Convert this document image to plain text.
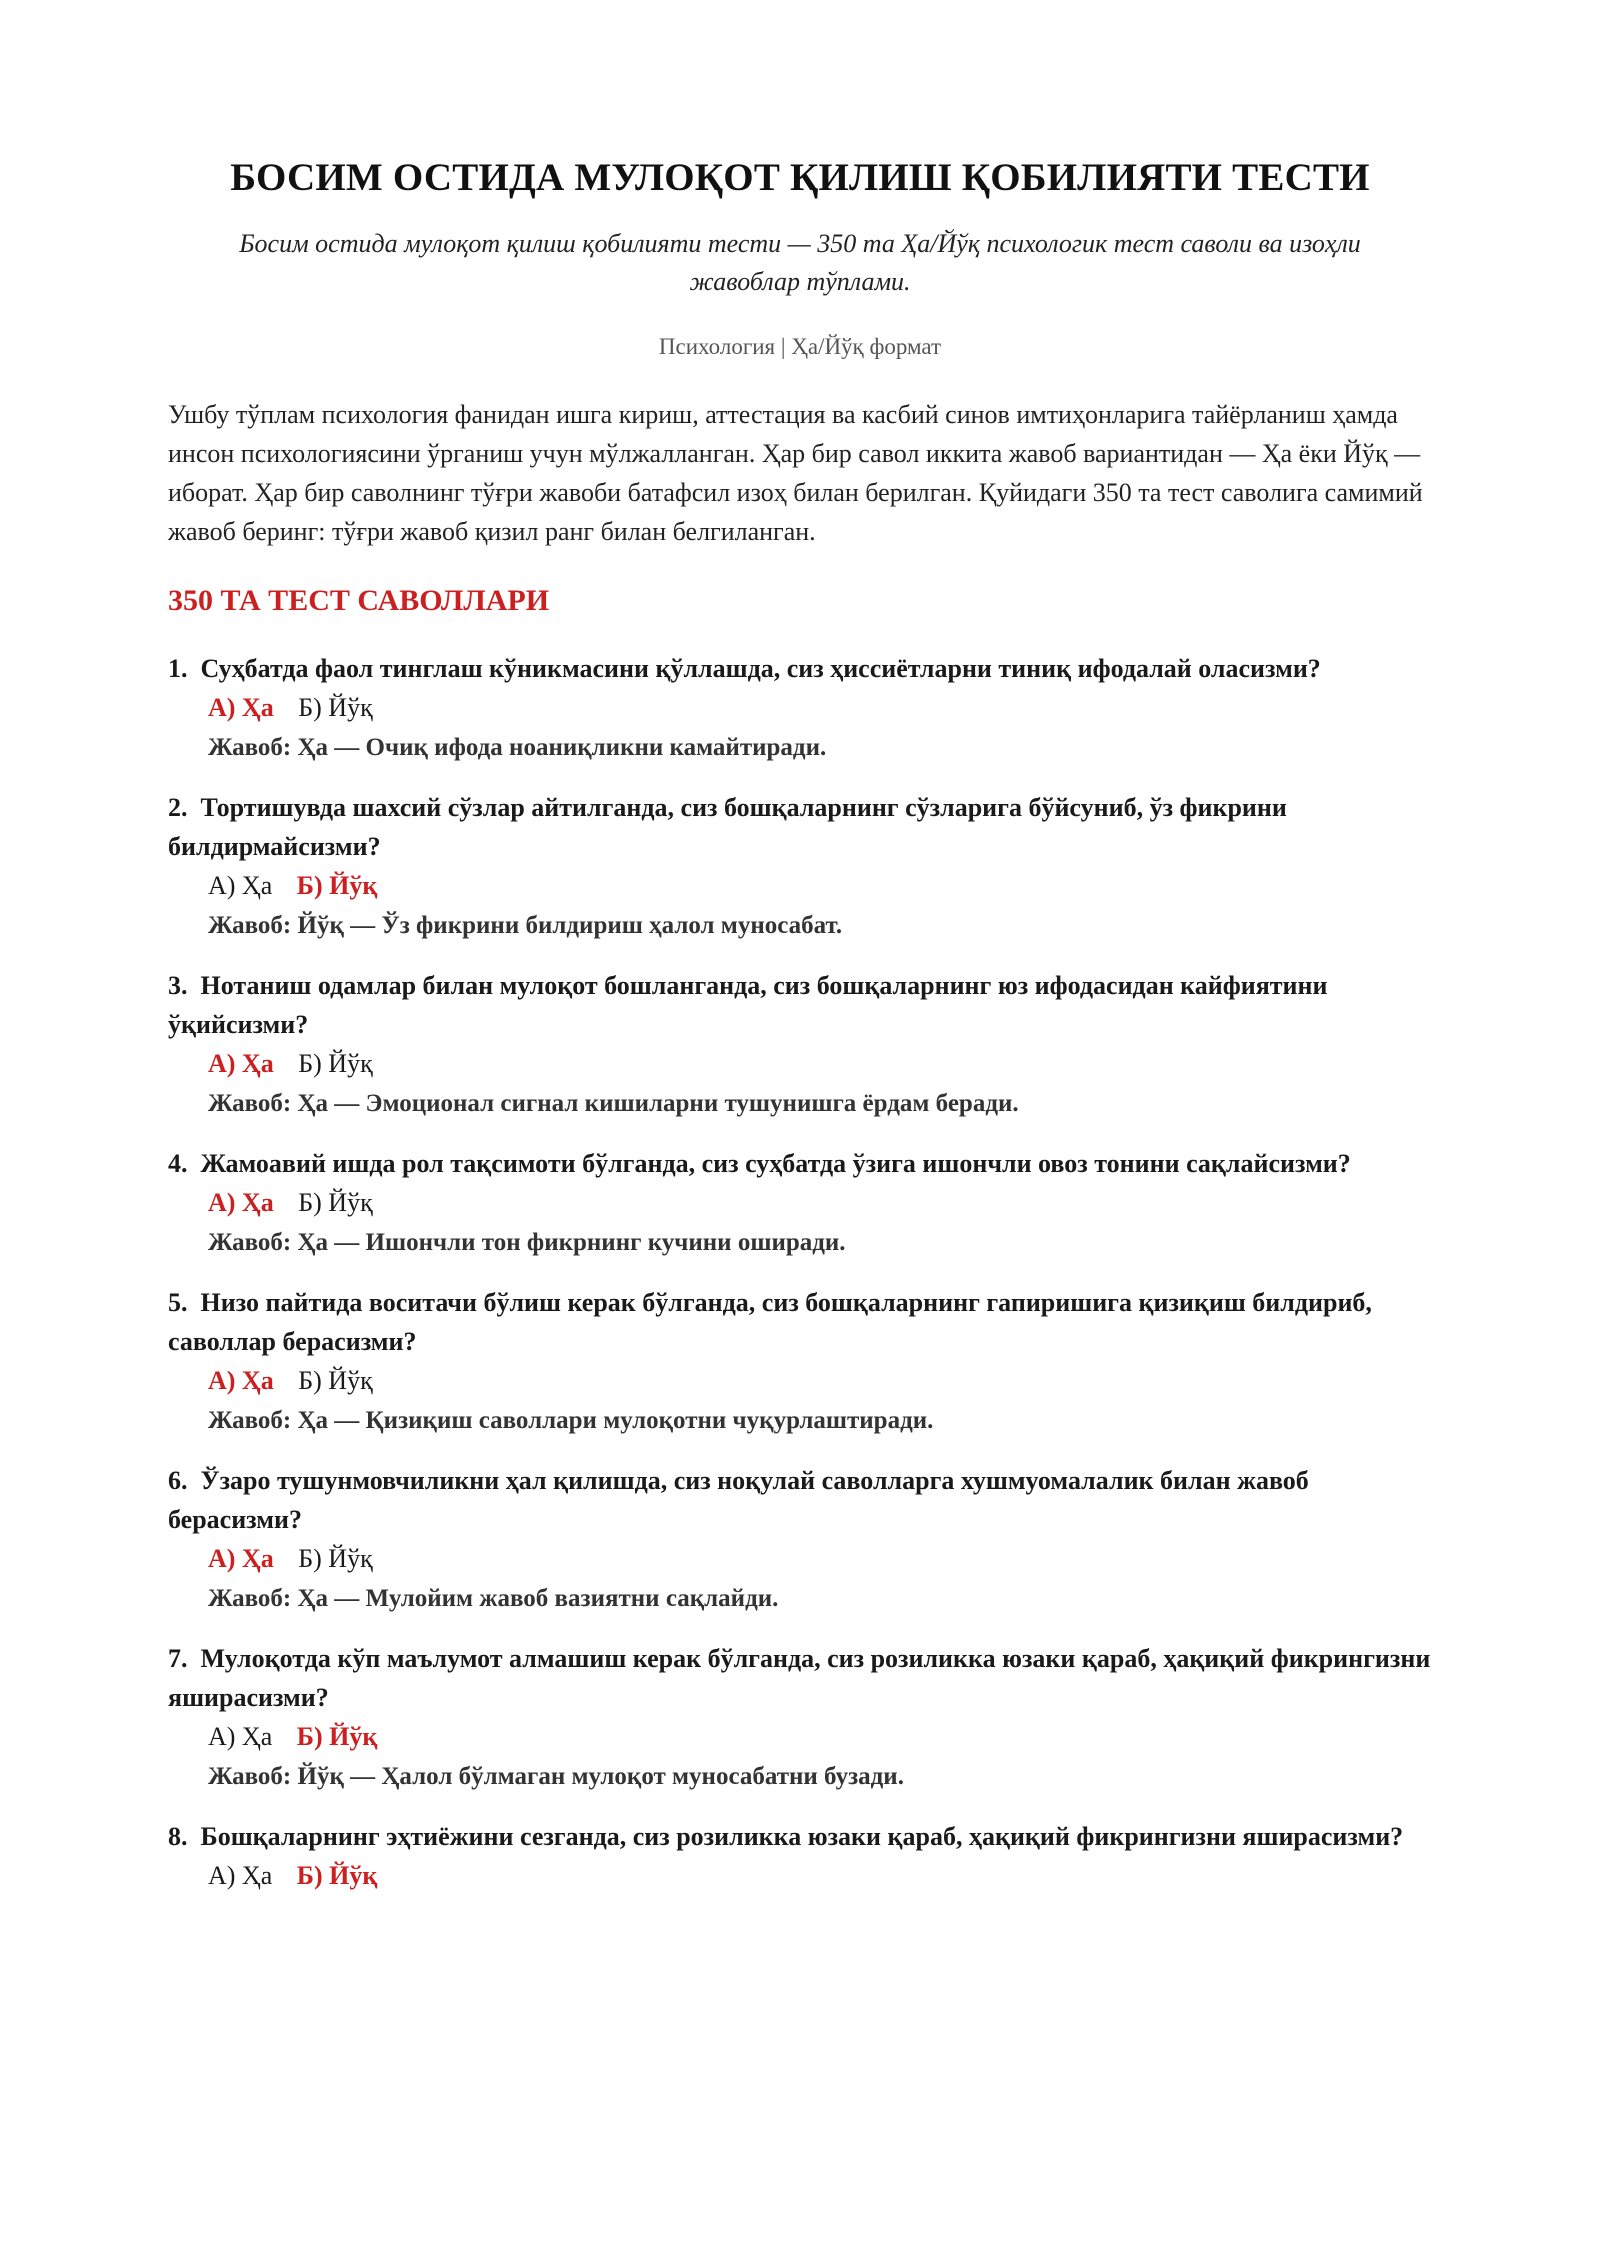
БОСИМ ОСТИДА МУЛОҚОТ ҚИЛИШ ҚОБИЛИЯТИ ТЕСТИ
Босим остида мулоқот қилиш қобилияти тести — 350 та Ҳа/Йўқ психологик тест саволи ва изоҳли жавоблар тўплами.
Психология | Ҳа/Йўқ формат
Ушбу тўплам психология фанидан ишга кириш, аттестация ва касбий синов имтиҳонларига тайёрланиш ҳамда инсон психологиясини ўрганиш учун мўлжалланган. Ҳар бир савол иккита жавоб вариантидан — Ҳа ёки Йўқ — иборат. Ҳар бир саволнинг тўғри жавоби батафсил изоҳ билан берилган. Қуйидаги 350 та тест саволига самимий жавоб беринг: тўғри жавоб қизил ранг билан белгиланган.
350 ТА ТЕСТ САВОЛЛАРИ
1. Суҳбатда фаол тинглаш кўникмасини қўллашда, сиз ҳиссиётларни тиниқ ифодалай оласизми?
А) Ҳа Б) Йўқ
Жавоб: Ҳа — Очиқ ифода ноаниқликни камайтиради.
2. Тортишувда шахсий сўзлар айтилганда, сиз бошқаларнинг сўзларига бўйсуниб, ўз фикрини билдирмайсизми?
А) Ҳа Б) Йўқ
Жавоб: Йўқ — Ўз фикрини билдириш ҳалол муносабат.
3. Нотаниш одамлар билан мулоқот бошланганда, сиз бошқаларнинг юз ифодасидан кайфиятини ўқийсизми?
А) Ҳа Б) Йўқ
Жавоб: Ҳа — Эмоционал сигнал кишиларни тушунишга ёрдам беради.
4. Жамоавий ишда рол тақсимоти бўлганда, сиз суҳбатда ўзига ишончли овоз тонини сақлайсизми?
А) Ҳа Б) Йўқ
Жавоб: Ҳа — Ишончли тон фикрнинг кучини оширади.
5. Низо пайтида воситачи бўлиш керак бўлганда, сиз бошқаларнинг гапиришига қизиқиш билдириб, саволлар берасизми?
А) Ҳа Б) Йўқ
Жавоб: Ҳа — Қизиқиш саволлари мулоқотни чуқурлаштиради.
6. Ўзаро тушунмовчиликни ҳал қилишда, сиз ноқулай саволларга хушмуомалалик билан жавоб берасизми?
А) Ҳа Б) Йўқ
Жавоб: Ҳа — Мулойим жавоб вазиятни сақлайди.
7. Мулоқотда кўп маълумот алмашиш керак бўлганда, сиз розиликка юзаки қараб, ҳақиқий фикрингизни яширасизми?
А) Ҳа Б) Йўқ
Жавоб: Йўқ — Ҳалол бўлмаган мулоқот муносабатни бузади.
8. Бошқаларнинг эҳтиёжини сезганда, сиз розиликка юзаки қараб, ҳақиқий фикрингизни яширасизми?
А) Ҳа Б) Йўқ
